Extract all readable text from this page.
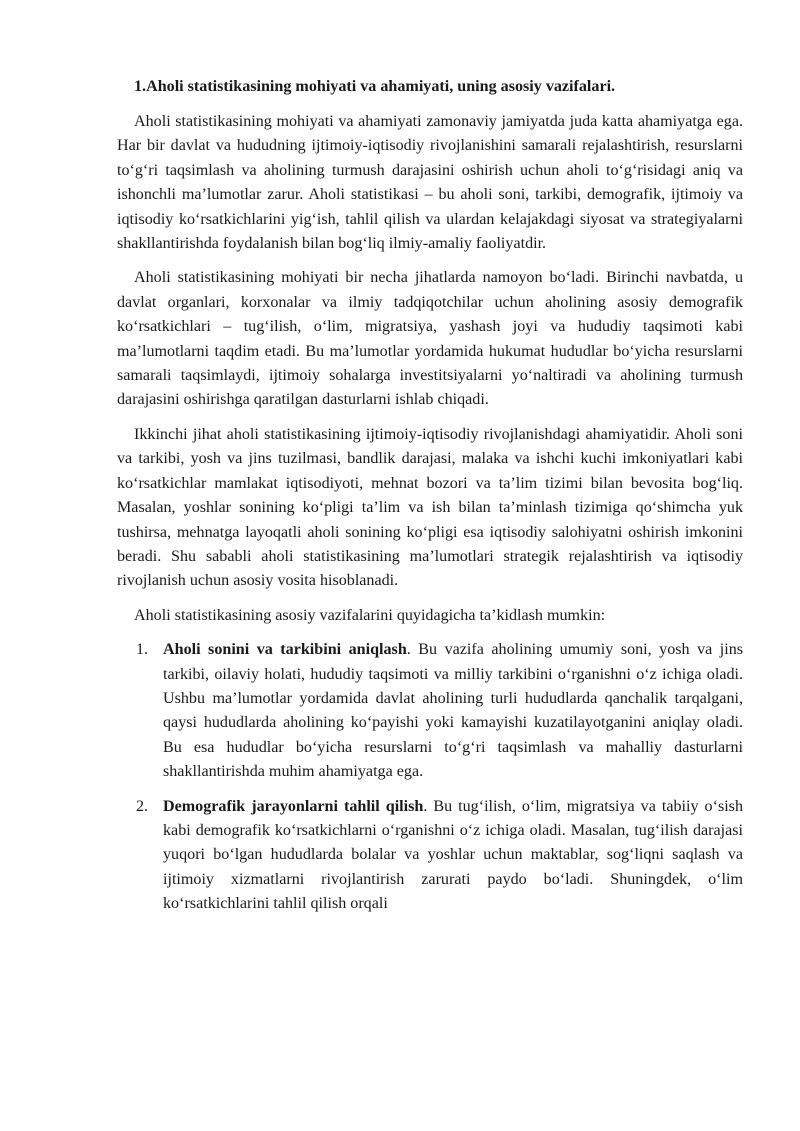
1.Aholi statistikasining mohiyati va ahamiyati, uning asosiy vazifalari.

Aholi statistikasining mohiyati va ahamiyati zamonaviy jamiyatda juda katta ahamiyatga ega. Har bir davlat va hududning ijtimoiy-iqtisodiy rivojlanishini samarali rejalashtirish, resurslarni to‘g‘ri taqsimlash va aholining turmush darajasini oshirish uchun aholi to‘g‘risidagi aniq va ishonchli ma’lumotlar zarur. Aholi statistikasi – bu aholi soni, tarkibi, demografik, ijtimoiy va iqtisodiy ko‘rsatkichlarini yig‘ish, tahlil qilish va ulardan kelajakdagi siyosat va strategiyalarni shakllantirishda foydalanish bilan bog‘liq ilmiy-amaliy faoliyatdir.

Aholi statistikasining mohiyati bir necha jihatlarda namoyon bo‘ladi. Birinchi navbatda, u davlat organlari, korxonalar va ilmiy tadqiqotchilar uchun aholining asosiy demografik ko‘rsatkichlari – tug‘ilish, o‘lim, migratsiya, yashash joyi va hududiy taqsimoti kabi ma’lumotlarni taqdim etadi. Bu ma’lumotlar yordamida hukumat hududlar bo‘yicha resurslarni samarali taqsimlaydi, ijtimoiy sohalarga investitsiyalarni yo‘naltiradi va aholining turmush darajasini oshirishga qaratilgan dasturlarni ishlab chiqadi.

Ikkinchi jihat aholi statistikasining ijtimoiy-iqtisodiy rivojlanishdagi ahamiyatidir. Aholi soni va tarkibi, yosh va jins tuzilmasi, bandlik darajasi, malaka va ishchi kuchi imkoniyatlari kabi ko‘rsatkichlar mamlakat iqtisodiyoti, mehnat bozori va ta’lim tizimi bilan bevosita bog‘liq. Masalan, yoshlar sonining ko‘pligi ta’lim va ish bilan ta’minlash tizimiga qo‘shimcha yuk tushirsa, mehnatga layoqatli aholi sonining ko‘pligi esa iqtisodiy salohiyatni oshirish imkonini beradi. Shu sababli aholi statistikasining ma’lumotlari strategik rejalashtirish va iqtisodiy rivojlanish uchun asosiy vosita hisoblanadi.

Aholi statistikasining asosiy vazifalarini quyidagicha ta’kidlash mumkin:

1. Aholi sonini va tarkibini aniqlash. Bu vazifa aholining umumiy soni, yosh va jins tarkibi, oilaviy holati, hududiy taqsimoti va milliy tarkibini o‘rganishni o‘z ichiga oladi. Ushbu ma’lumotlar yordamida davlat aholining turli hududlarda qanchalik tarqalgani, qaysi hududlarda aholining ko‘payishi yoki kamayishi kuzatilayotganini aniqlay oladi. Bu esa hududlar bo‘yicha resurslarni to‘g‘ri taqsimlash va mahalliy dasturlarni shakllantirishda muhim ahamiyatga ega.
2. Demografik jarayonlarni tahlil qilish. Bu tug‘ilish, o‘lim, migratsiya va tabiiy o‘sish kabi demografik ko‘rsatkichlarni o‘rganishni o‘z ichiga oladi. Masalan, tug‘ilish darajasi yuqori bo‘lgan hududlarda bolalar va yoshlar uchun maktablar, sog‘liqni saqlash va ijtimoiy xizmatlarni rivojlantirish zarurati paydo bo‘ladi. Shuningdek, o‘lim ko‘rsatkichlarini tahlil qilish orqali
